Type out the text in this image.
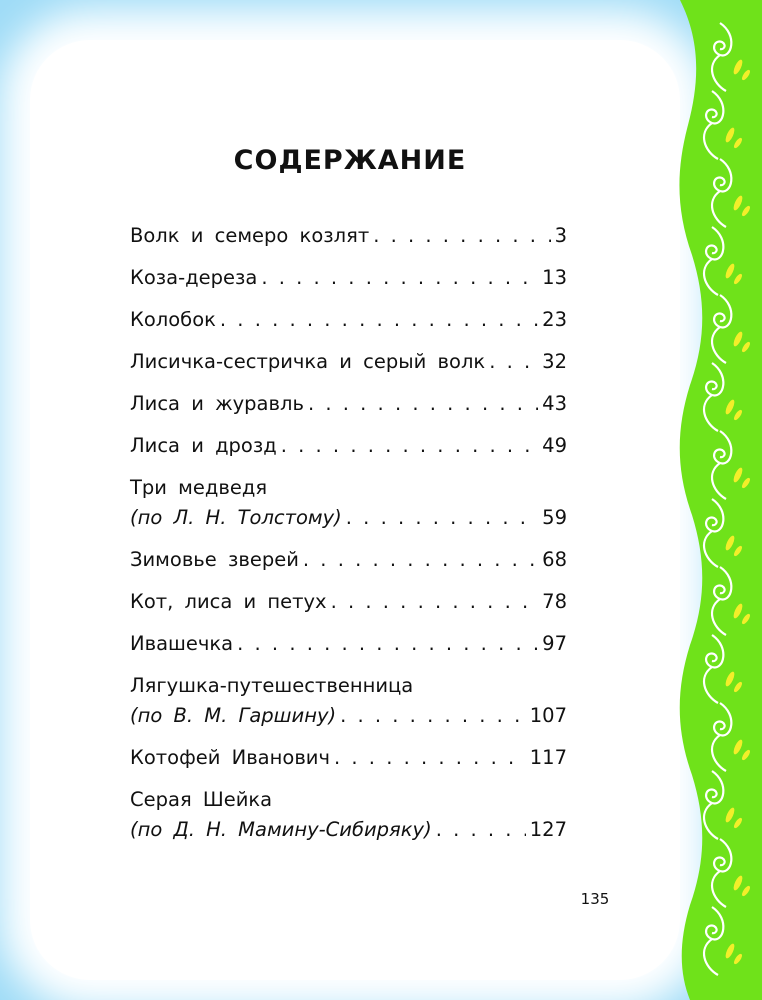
СОДЕРЖАНИЕ
Волк и семеро козлят . . .	3
Коза-дереза . . .	13
Колобок . . .	23
Лисичка-сестричка и серый волк . . .	32
Лиса и журавль . . .	43
Лиса и дрозд . . .	49
Три медведя
(по Л. Н. Толстому) . . .	59
Зимовье зверей . . .	68
Кот, лиса и петух . . .	78
Ивашечка . . .	97
Лягушка-путешественница
(по В. М. Гаршину) . . .	107
Котофей Иванович . . .	117
Серая Шейка
(по Д. Н. Мамину-Сибиряку) . . .	127
135
